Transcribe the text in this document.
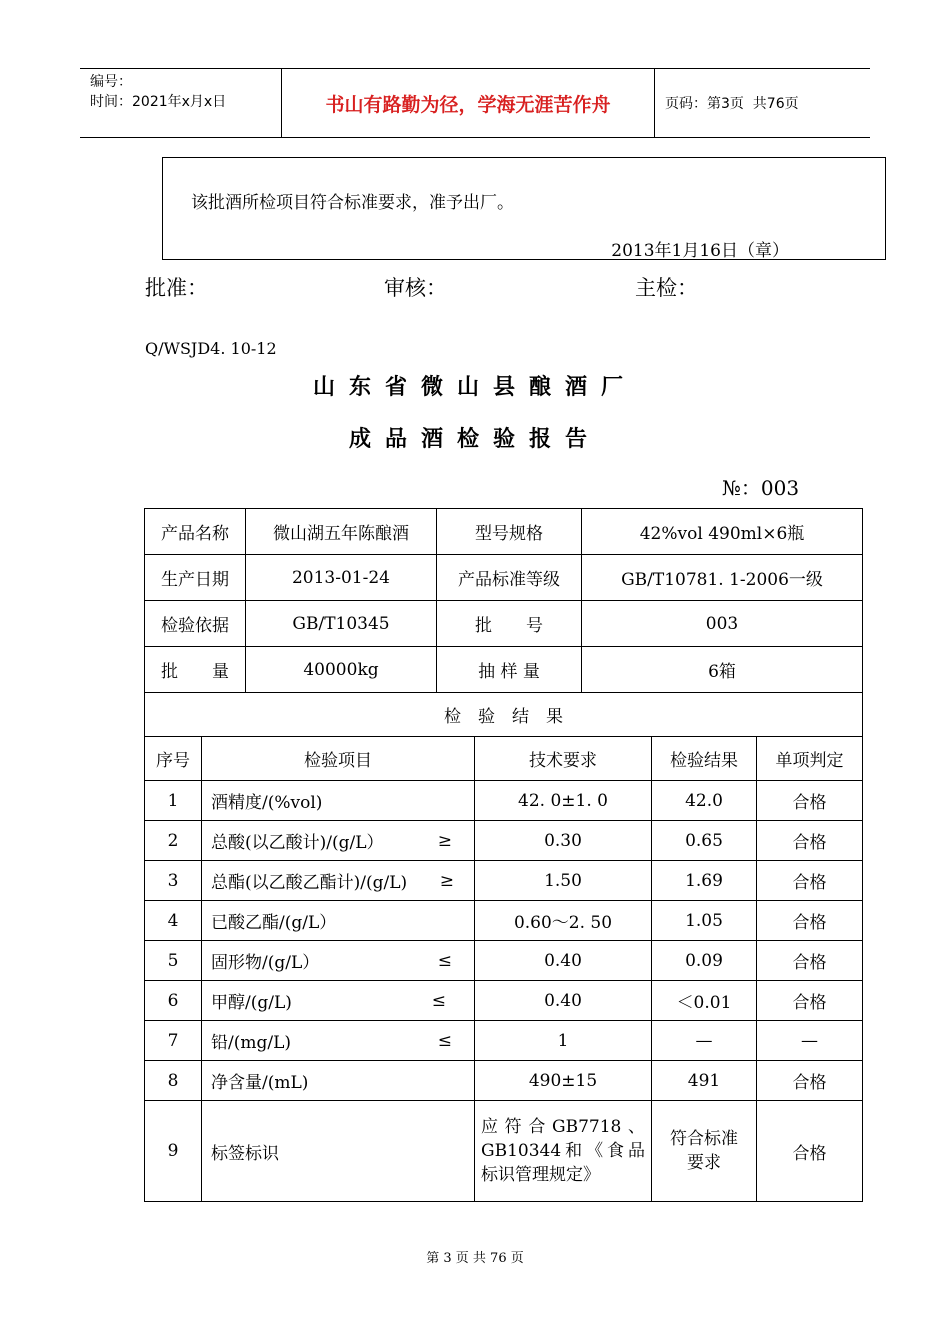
编号：
时间：2021年x月x日	书山有路勤为径，学海无涯苦作舟	页码：第3页  共76页
该批酒所检项目符合标准要求，准予出厂。
2013年1月16日（章）
批准：	审核：	主检：
Q/WSJD4. 10-12
山东省微山县酿酒厂
成品酒检验报告
№：003
产品名称	微山湖五年陈酿酒	型号规格	42%vol 490ml×6瓶
生产日期	2013-01-24	产品标准等级	GB/T10781. 1-2006一级
检验依据	GB/T10345	批　　号	003
批　　量	40000kg	抽 样 量	6箱
检　验　结　果				
序号	检验项目	技术要求	检验结果	单项判定
1	酒精度/(%vol)	42. 0±1. 0	42.0	合格
2	总酸(以乙酸计)/(g/L） ≥	0.30	0.65	合格
3	总酯(以乙酸乙酯计)/(g/L) ≥	1.50	1.69	合格
4	已酸乙酯/(g/L）	0.60～2. 50	1.05	合格
5	固形物/(g/L） ≤	0.40	0.09	合格
6	甲醇/(g/L) ≤	0.40	＜0.01	合格
7	铅/(mg/L) ≤	1	—	—
8	净含量/(mL)	490±15	491	合格
9	标签标识	应符合GB7718、GB10344和《食品标识管理规定》	符合标准要求	合格
第 3 页 共 76 页
